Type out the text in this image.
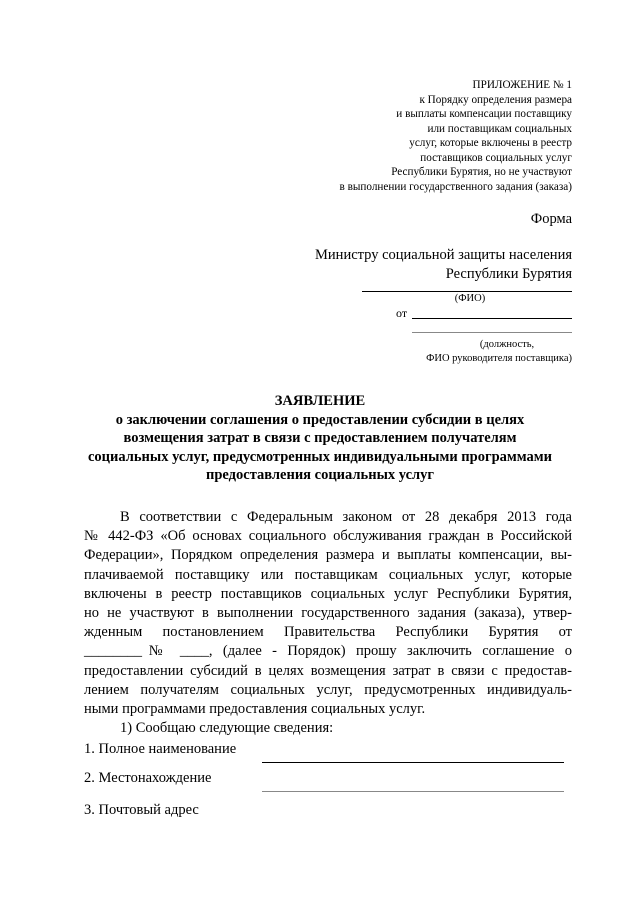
ПРИЛОЖЕНИЕ № 1
к Порядку определения размера
и выплаты компенсации поставщику
или поставщикам социальных
услуг, которые включены в реестр
поставщиков социальных услуг
Республики Бурятия, но не участвуют
в выполнении государственного задания (заказа)
Форма
Министру социальной защиты населения
Республики Бурятия
(ФИО)
от
(должность,
ФИО руководителя поставщика)
ЗАЯВЛЕНИЕ
о заключении соглашения о предоставлении субсидии в целях
возмещения затрат в связи с предоставлением получателям
социальных услуг, предусмотренных индивидуальными программами
предоставления социальных услуг
В соответствии с Федеральным законом от 28 декабря 2013 года
№ 442-ФЗ «Об основах социального обслуживания граждан в Российской
Федерации», Порядком определения размера и выплаты компенсации, вы-
плачиваемой поставщику или поставщикам социальных услуг, которые
включены в реестр поставщиков социальных услуг Республики Бурятия,
но не участвуют в выполнении государственного задания (заказа), утвер-
жденным постановлением Правительства Республики Бурятия от
________№ ____, (далее - Порядок) прошу заключить соглашение о
предоставлении субсидий в целях возмещения затрат в связи с предостав-
лением получателям социальных услуг, предусмотренных индивидуаль-
ными программами предоставления социальных услуг.
1) Сообщаю следующие сведения:
1. Полное наименование
2. Местонахождение
3. Почтовый адрес
